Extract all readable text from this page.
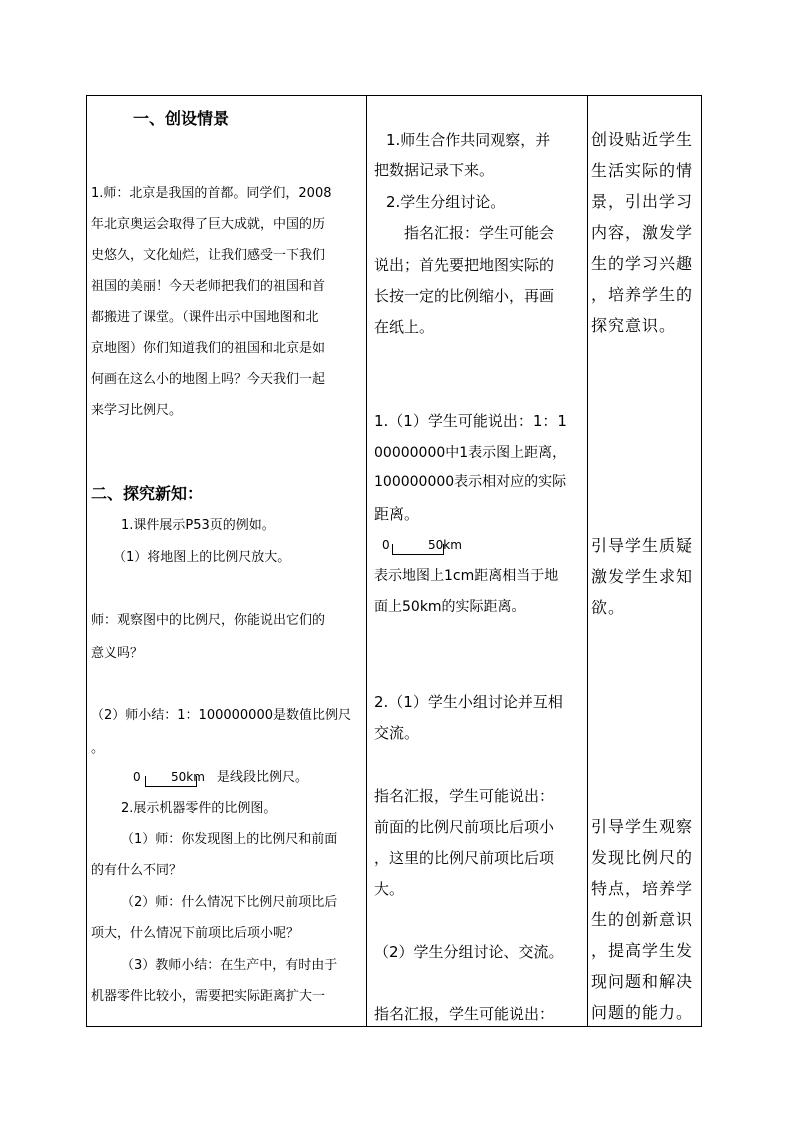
一、创设情景
1.师：北京是我国的首都。同学们，2008
年北京奥运会取得了巨大成就，中国的历
史悠久，文化灿烂，让我们感受一下我们
祖国的美丽！今天老师把我们的祖国和首
都搬进了课堂。（课件出示中国地图和北
京地图）你们知道我们的祖国和北京是如
何画在这么小的地图上吗？今天我们一起
来学习比例尺。
二、探究新知：
1.课件展示P53页的例如。
（1）将地图上的比例尺放大。
师：观察图中的比例尺，你能说出它们的
意义吗？
（2）师小结：1：100000000是数值比例尺
。
0	50km 是线段比例尺。
2.展示机器零件的比例图。
（1）师：你发现图上的比例尺和前面
的有什么不同？
（2）师：什么情况下比例尺前项比后
项大，什么情况下前项比后项小呢？
（3）教师小结：在生产中，有时由于
机器零件比较小，需要把实际距离扩大一
1.师生合作共同观察，并
把数据记录下来。
2.学生分组讨论。
指名汇报：学生可能会
说出；首先要把地图实际的
长按一定的比例缩小，再画
在纸上。
1.（1）学生可能说出：1：1
00000000中1表示图上距离，
100000000表示相对应的实际
距离。
0	50km
表示地图上1cm距离相当于地
面上50km的实际距离。
2.（1）学生小组讨论并互相
交流。
指名汇报，学生可能说出：
前面的比例尺前项比后项小
，这里的比例尺前项比后项
大。
（2）学生分组讨论、交流。
指名汇报，学生可能说出：
创设贴近学生
生活实际的情
景，引出学习
内容，激发学
生的学习兴趣
，培养学生的
探究意识。
引导学生质疑
激发学生求知
欲。
引导学生观察
发现比例尺的
特点，培养学
生的创新意识
，提高学生发
现问题和解决
问题的能力。
